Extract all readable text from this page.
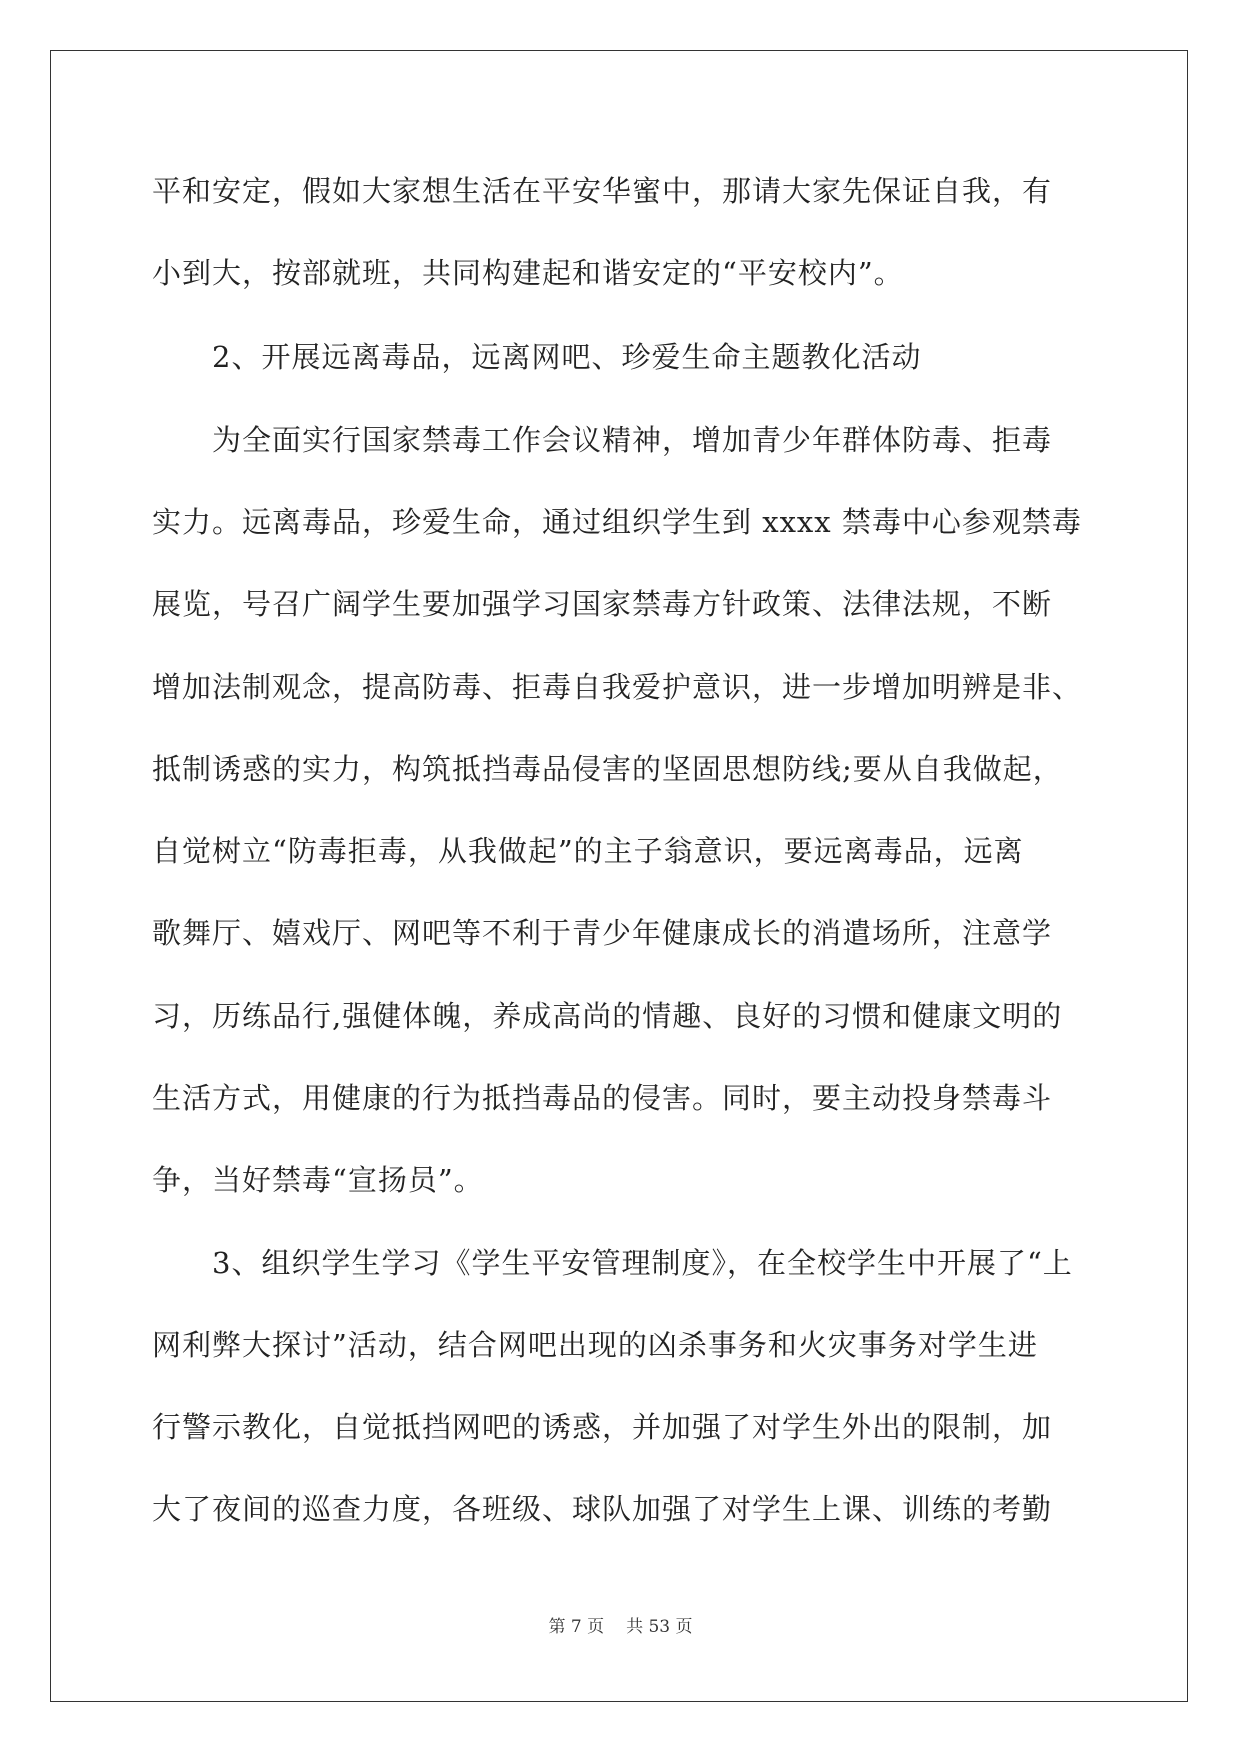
平和安定，假如大家想生活在平安华蜜中，那请大家先保证自我，有
小到大，按部就班，共同构建起和谐安定的“平安校内”。
　　2、开展远离毒品，远离网吧、珍爱生命主题教化活动
　　为全面实行国家禁毒工作会议精神，增加青少年群体防毒、拒毒
实力。远离毒品，珍爱生命，通过组织学生到 xxxx 禁毒中心参观禁毒
展览，号召广阔学生要加强学习国家禁毒方针政策、法律法规，不断
增加法制观念，提高防毒、拒毒自我爱护意识，进一步增加明辨是非、
抵制诱惑的实力，构筑抵挡毒品侵害的坚固思想防线;要从自我做起，
自觉树立“防毒拒毒，从我做起”的主子翁意识，要远离毒品，远离
歌舞厅、嬉戏厅、网吧等不利于青少年健康成长的消遣场所，注意学
习，历练品行,强健体魄，养成高尚的情趣、良好的习惯和健康文明的
生活方式，用健康的行为抵挡毒品的侵害。同时，要主动投身禁毒斗
争，当好禁毒“宣扬员”。
　　3、组织学生学习《学生平安管理制度》，在全校学生中开展了“上
网利弊大探讨”活动，结合网吧出现的凶杀事务和火灾事务对学生进
行警示教化，自觉抵挡网吧的诱惑，并加强了对学生外出的限制，加
大了夜间的巡查力度，各班级、球队加强了对学生上课、训练的考勤
第 7 页 共 53 页
